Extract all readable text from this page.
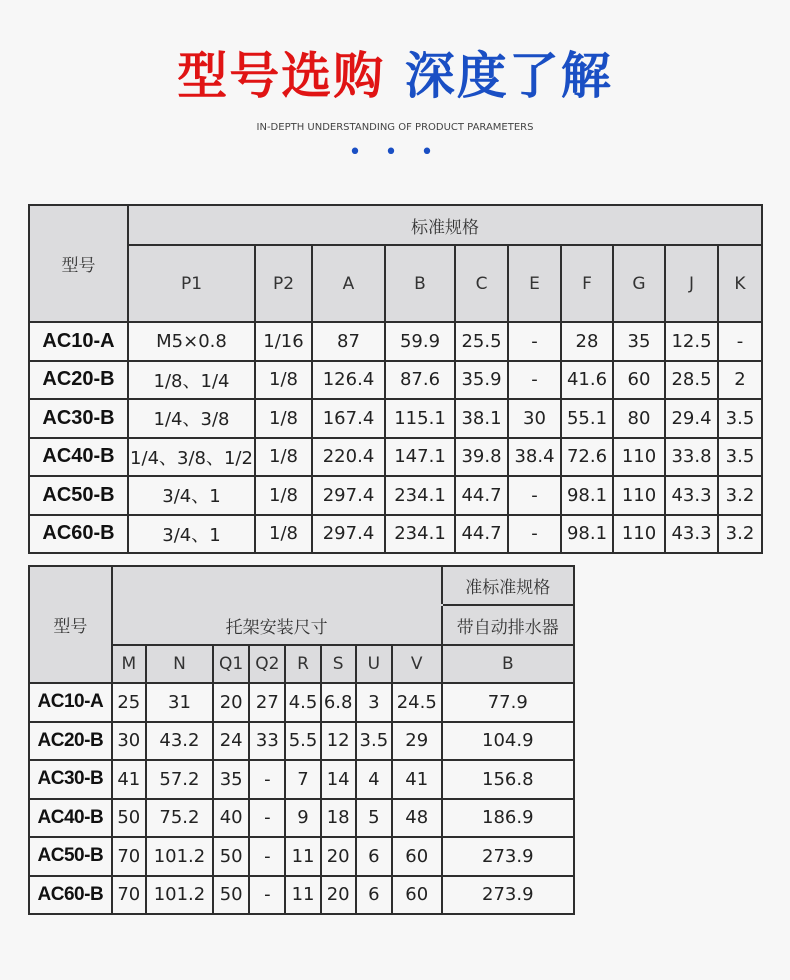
型号选购 深度了解
IN-DEPTH UNDERSTANDING OF PRODUCT PARAMETERS
• • •
型号	标准规格									
	P1	P2	A	B	C	E	F	G	J	K
AC10-A	M5×0.8	1/16	87	59.9	25.5	-	28	35	12.5	-
AC20-B	1/8、1/4	1/8	126.4	87.6	35.9	-	41.6	60	28.5	2
AC30-B	1/4、3/8	1/8	167.4	115.1	38.1	30	55.1	80	29.4	3.5
AC40-B	1/4、3/8、1/2	1/8	220.4	147.1	39.8	38.4	72.6	110	33.8	3.5
AC50-B	3/4、1	1/8	297.4	234.1	44.7	-	98.1	110	43.3	3.2
AC60-B	3/4、1	1/8	297.4	234.1	44.7	-	98.1	110	43.3	3.2
型号									准标准规格
	托架安装尺寸								带自动排水器
	M	N	Q1	Q2	R	S	U	V	B
AC10-A	25	31	20	27	4.5	6.8	3	24.5	77.9
AC20-B	30	43.2	24	33	5.5	12	3.5	29	104.9
AC30-B	41	57.2	35	-	7	14	4	41	156.8
AC40-B	50	75.2	40	-	9	18	5	48	186.9
AC50-B	70	101.2	50	-	11	20	6	60	273.9
AC60-B	70	101.2	50	-	11	20	6	60	273.9
